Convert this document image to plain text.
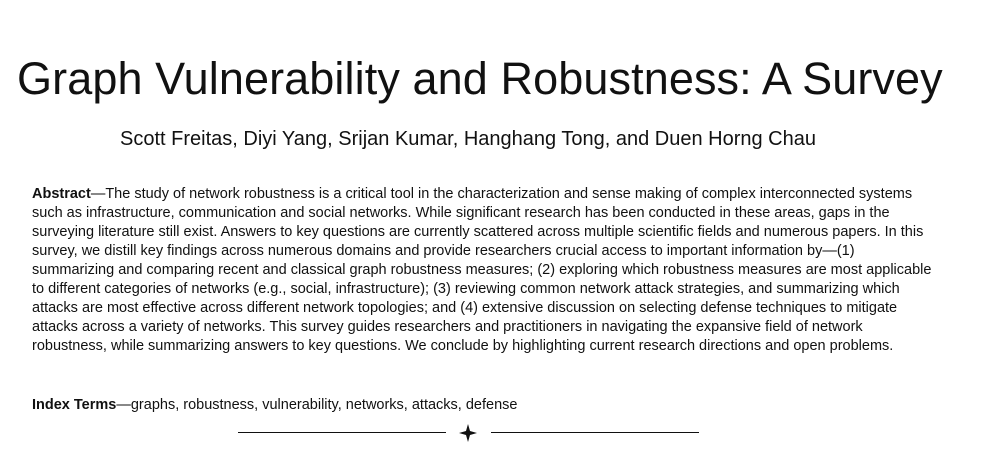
Graph Vulnerability and Robustness: A Survey
Scott Freitas, Diyi Yang, Srijan Kumar, Hanghang Tong, and Duen Horng Chau

Abstract—The study of network robustness is a critical tool in the characterization and sense making of complex interconnected systems such as infrastructure, communication and social networks. While significant research has been conducted in these areas, gaps in the surveying literature still exist. Answers to key questions are currently scattered across multiple scientific fields and numerous papers. In this survey, we distill key findings across numerous domains and provide researchers crucial access to important information by—(1) summarizing and comparing recent and classical graph robustness measures; (2) exploring which robustness measures are most applicable to different categories of networks (e.g., social, infrastructure); (3) reviewing common network attack strategies, and summarizing which attacks are most effective across different network topologies; and (4) extensive discussion on selecting defense techniques to mitigate attacks across a variety of networks. This survey guides researchers and practitioners in navigating the expansive field of network robustness, while summarizing answers to key questions. We conclude by highlighting current research directions and open problems.

Index Terms—graphs, robustness, vulnerability, networks, attacks, defense
